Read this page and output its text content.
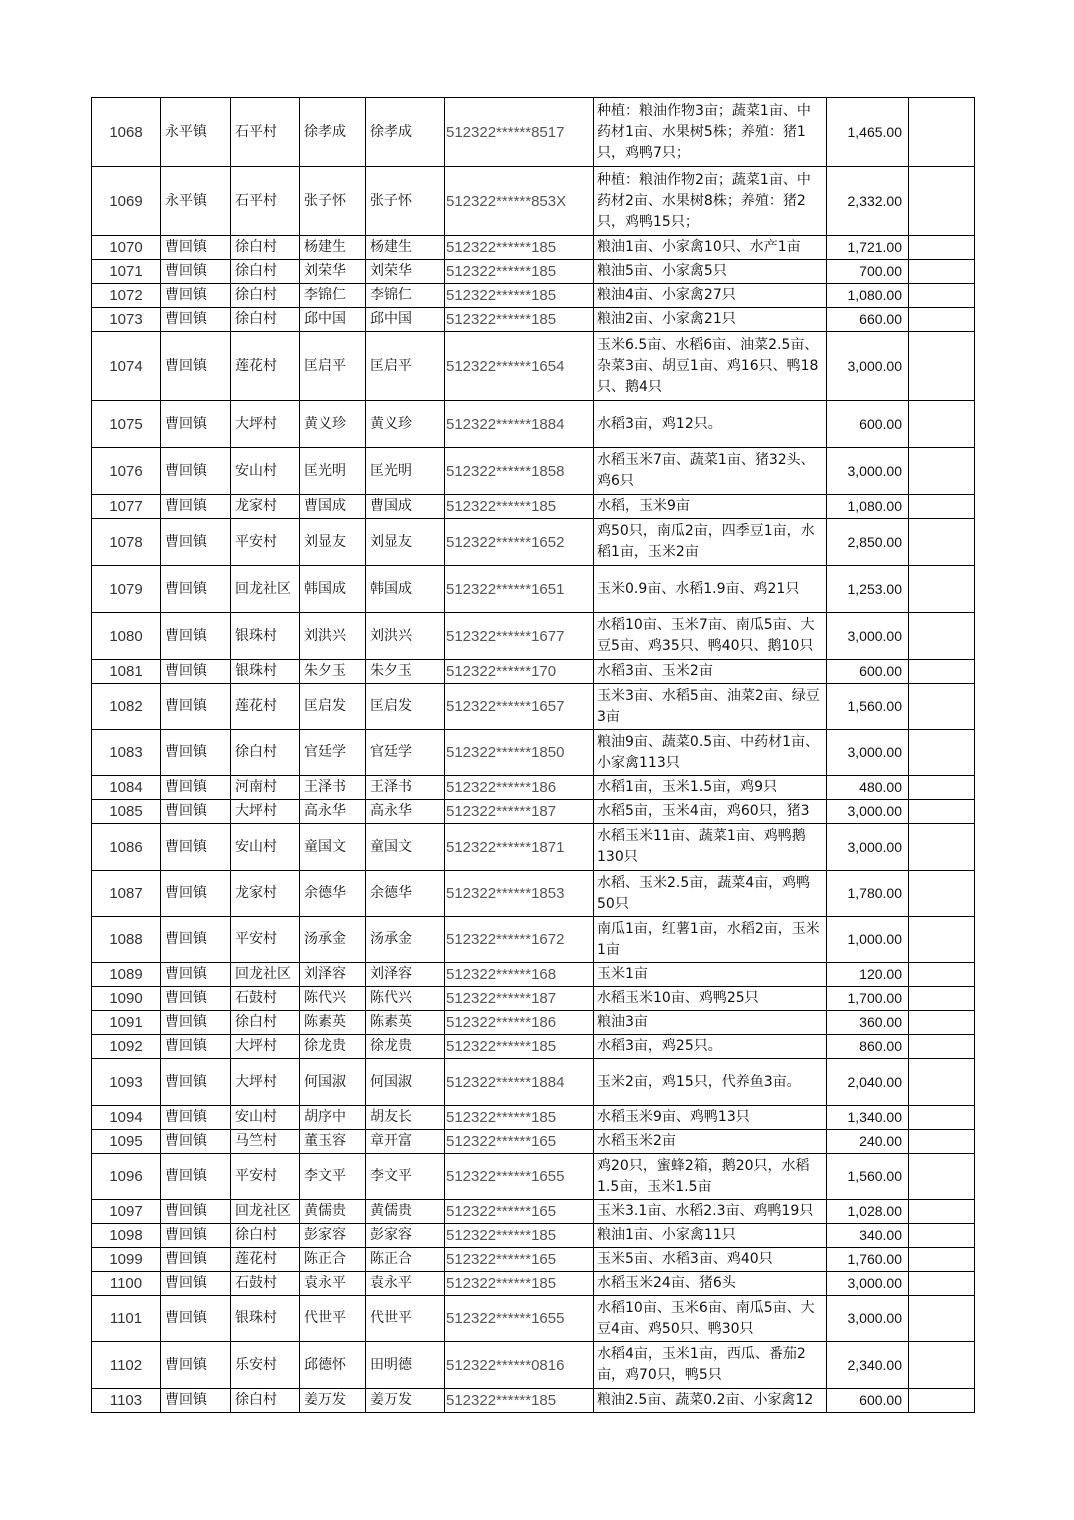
1068	永平镇	石平村	徐孝成	徐孝成	512322******8517	种植：粮油作物3亩；蔬菜1亩、中药材1亩、水果树5株；养殖：猪1只，鸡鸭7只；	1,465.00	
1069	永平镇	石平村	张子怀	张子怀	512322******853X	种植：粮油作物2亩；蔬菜1亩、中药材2亩、水果树8株；养殖：猪2只，鸡鸭15只；	2,332.00	
1070	曹回镇	徐白村	杨建生	杨建生	512322******185	粮油1亩、小家禽10只、水产1亩	1,721.00	
1071	曹回镇	徐白村	刘荣华	刘荣华	512322******185	粮油5亩、小家禽5只	700.00	
1072	曹回镇	徐白村	李锦仁	李锦仁	512322******185	粮油4亩、小家禽27只	1,080.00	
1073	曹回镇	徐白村	邱中国	邱中国	512322******185	粮油2亩、小家禽21只	660.00	
1074	曹回镇	莲花村	匡启平	匡启平	512322******1654	玉米6.5亩、水稻6亩、油菜2.5亩、杂菜3亩、胡豆1亩、鸡16只、鸭18只、鹅4只	3,000.00	
1075	曹回镇	大坪村	黄义珍	黄义珍	512322******1884	水稻3亩，鸡12只。	600.00	
1076	曹回镇	安山村	匡光明	匡光明	512322******1858	水稻玉米7亩、蔬菜1亩、猪32头、鸡6只	3,000.00	
1077	曹回镇	龙家村	曹国成	曹国成	512322******185	水稻，玉米9亩	1,080.00	
1078	曹回镇	平安村	刘显友	刘显友	512322******1652	鸡50只，南瓜2亩，四季豆1亩，水稻1亩，玉米2亩	2,850.00	
1079	曹回镇	回龙社区	韩国成	韩国成	512322******1651	玉米0.9亩、水稻1.9亩、鸡21只	1,253.00	
1080	曹回镇	银珠村	刘洪兴	刘洪兴	512322******1677	水稻10亩、玉米7亩、南瓜5亩、大豆5亩、鸡35只、鸭40只、鹅10只	3,000.00	
1081	曹回镇	银珠村	朱夕玉	朱夕玉	512322******170	水稻3亩、玉米2亩	600.00	
1082	曹回镇	莲花村	匡启发	匡启发	512322******1657	玉米3亩、水稻5亩、油菜2亩、绿豆3亩	1,560.00	
1083	曹回镇	徐白村	官廷学	官廷学	512322******1850	粮油9亩、蔬菜0.5亩、中药材1亩、小家禽113只	3,000.00	
1084	曹回镇	河南村	王泽书	王泽书	512322******186	水稻1亩，玉米1.5亩，鸡9只	480.00	
1085	曹回镇	大坪村	高永华	高永华	512322******187	水稻5亩，玉米4亩，鸡60只，猪3	3,000.00	
1086	曹回镇	安山村	童国文	童国文	512322******1871	水稻玉米11亩、蔬菜1亩、鸡鸭鹅130只	3,000.00	
1087	曹回镇	龙家村	余德华	余德华	512322******1853	水稻、玉米2.5亩，蔬菜4亩，鸡鸭50只	1,780.00	
1088	曹回镇	平安村	汤承金	汤承金	512322******1672	南瓜1亩，红薯1亩，水稻2亩，玉米1亩	1,000.00	
1089	曹回镇	回龙社区	刘泽容	刘泽容	512322******168	玉米1亩	120.00	
1090	曹回镇	石鼓村	陈代兴	陈代兴	512322******187	水稻玉米10亩、鸡鸭25只	1,700.00	
1091	曹回镇	徐白村	陈素英	陈素英	512322******186	粮油3亩	360.00	
1092	曹回镇	大坪村	徐龙贵	徐龙贵	512322******185	水稻3亩，鸡25只。	860.00	
1093	曹回镇	大坪村	何国淑	何国淑	512322******1884	玉米2亩，鸡15只，代养鱼3亩。	2,040.00	
1094	曹回镇	安山村	胡序中	胡友长	512322******185	水稻玉米9亩、鸡鸭13只	1,340.00	
1095	曹回镇	马竺村	董玉容	章开富	512322******165	水稻玉米2亩	240.00	
1096	曹回镇	平安村	李文平	李文平	512322******1655	鸡20只，蜜蜂2箱，鹅20只，水稻1.5亩，玉米1.5亩	1,560.00	
1097	曹回镇	回龙社区	黄儒贵	黄儒贵	512322******165	玉米3.1亩、水稻2.3亩、鸡鸭19只	1,028.00	
1098	曹回镇	徐白村	彭家容	彭家容	512322******185	粮油1亩、小家禽11只	340.00	
1099	曹回镇	莲花村	陈正合	陈正合	512322******165	玉米5亩、水稻3亩、鸡40只	1,760.00	
1100	曹回镇	石鼓村	袁永平	袁永平	512322******185	水稻玉米24亩、猪6头	3,000.00	
1101	曹回镇	银珠村	代世平	代世平	512322******1655	水稻10亩、玉米6亩、南瓜5亩、大豆4亩、鸡50只、鸭30只	3,000.00	
1102	曹回镇	乐安村	邱德怀	田明德	512322******0816	水稻4亩，玉米1亩，西瓜、番茄2亩，鸡70只，鸭5只	2,340.00	
1103	曹回镇	徐白村	姜万发	姜万发	512322******185	粮油2.5亩、蔬菜0.2亩、小家禽12	600.00	
